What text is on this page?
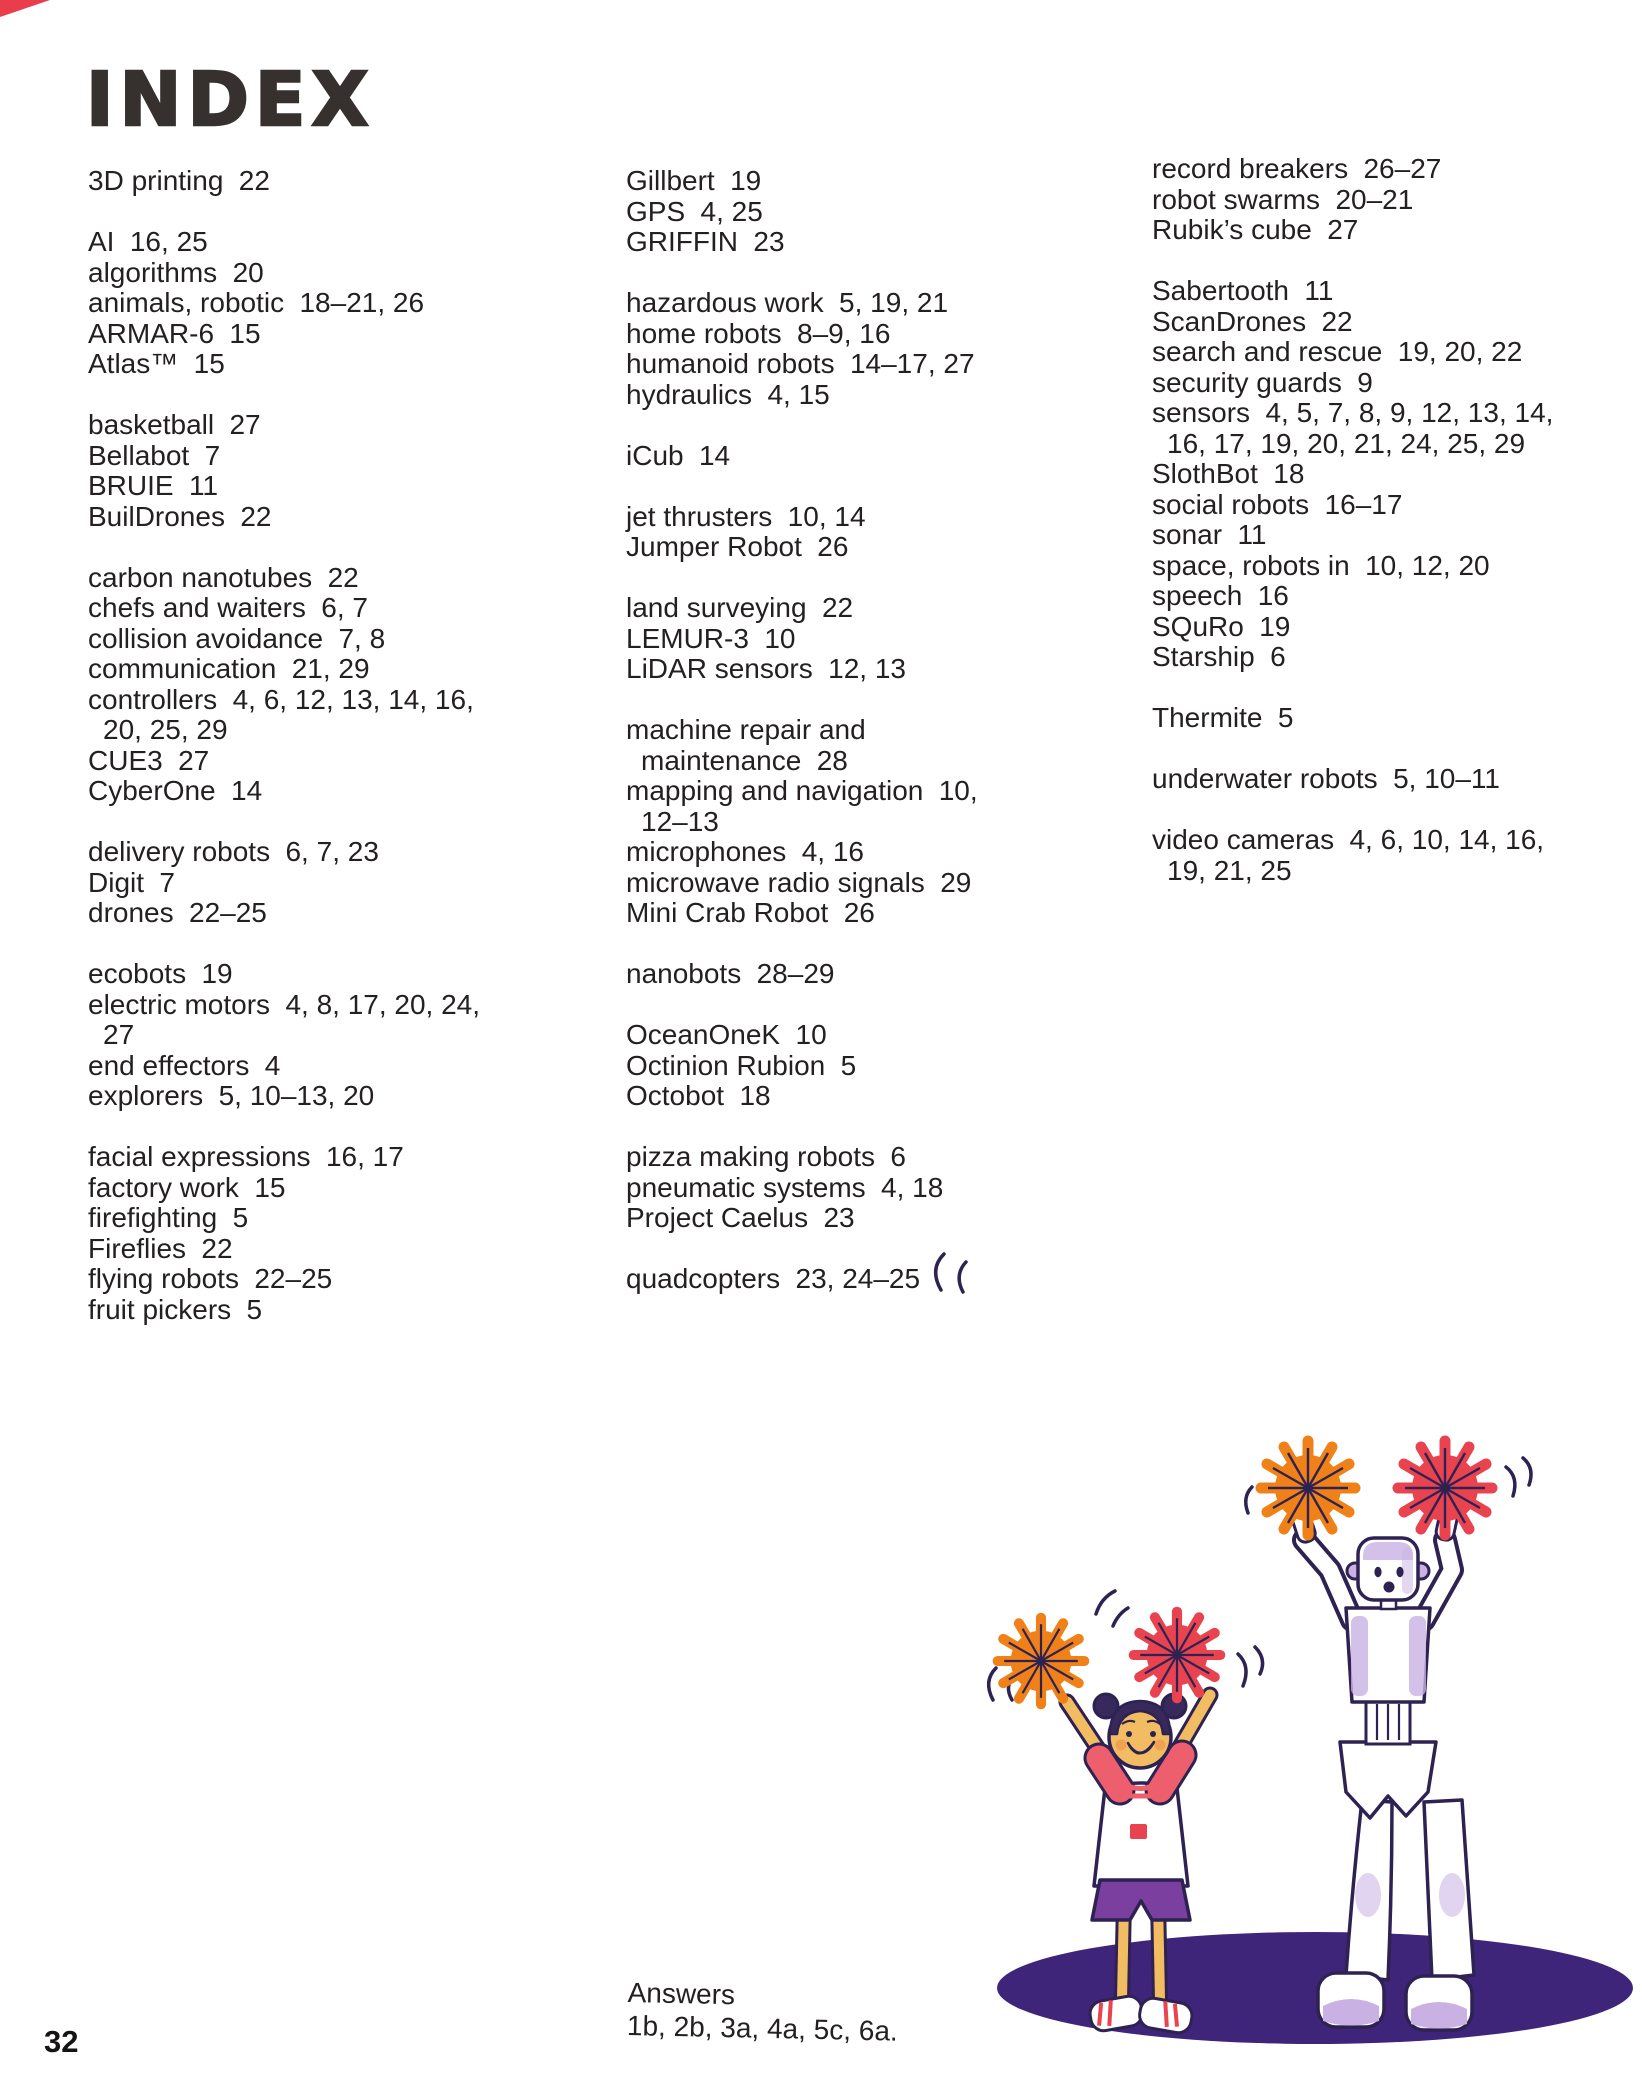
INDEX

3D printing 22

AI 16, 25

algorithms 20

animals, robotic 18–21, 26

ARMAR-6 15

Atlas™ 15

basketball 27

Bellabot 7

BRUIE 11

BuilDrones 22

carbon nanotubes 22

chefs and waiters 6, 7

collision avoidance 7, 8

communication 21, 29

controllers 4, 6, 12, 13, 14, 16, 20, 25, 29

CUE3 27

CyberOne 14

delivery robots 6, 7, 23

Digit 7

drones 22–25

ecobots 19

electric motors 4, 8, 17, 20, 24, 27

end effectors 4

explorers 5, 10–13, 20

facial expressions 16, 17

factory work 15

firefighting 5

Fireflies 22

flying robots 22–25

fruit pickers 5

Gillbert 19

GPS 4, 25

GRIFFIN 23

hazardous work 5, 19, 21

home robots 8–9, 16

humanoid robots 14–17, 27

hydraulics 4, 15

iCub 14

jet thrusters 10, 14

Jumper Robot 26

land surveying 22

LEMUR-3 10

LiDAR sensors 12, 13

machine repair and maintenance 28

mapping and navigation 10, 12–13

microphones 4, 16

microwave radio signals 29

Mini Crab Robot 26

nanobots 28–29

OceanOneK 10

Octinion Rubion 5

Octobot 18

pizza making robots 6

pneumatic systems 4, 18

Project Caelus 23

quadcopters 23, 24–25

record breakers 26–27

robot swarms 20–21

Rubik’s cube 27

Sabertooth 11

ScanDrones 22

search and rescue 19, 20, 22

security guards 9

sensors 4, 5, 7, 8, 9, 12, 13, 14, 16, 17, 19, 20, 21, 24, 25, 29

SlothBot 18

social robots 16–17

sonar 11

space, robots in 10, 12, 20

speech 16

SQuRo 19

Starship 6

Thermite 5

underwater robots 5, 10–11

video cameras 4, 6, 10, 14, 16, 19, 21, 25

Answers
1b, 2b, 3a, 4a, 5c, 6a.
32
